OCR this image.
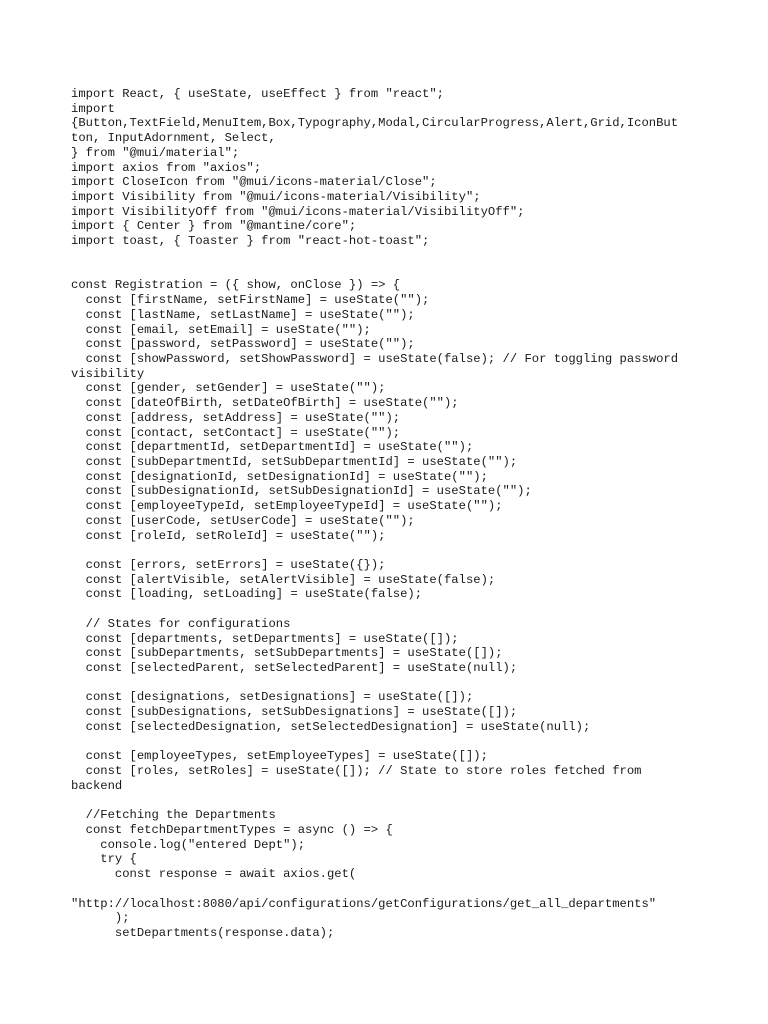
import React, { useState, useEffect } from "react";
import
{Button,TextField,MenuItem,Box,Typography,Modal,CircularProgress,Alert,Grid,IconBut
ton, InputAdornment, Select,
} from "@mui/material";
import axios from "axios";
import CloseIcon from "@mui/icons-material/Close";
import Visibility from "@mui/icons-material/Visibility";
import VisibilityOff from "@mui/icons-material/VisibilityOff";
import { Center } from "@mantine/core";
import toast, { Toaster } from "react-hot-toast";
const Registration = ({ show, onClose }) => {
const [firstName, setFirstName] = useState("");
const [lastName, setLastName] = useState("");
const [email, setEmail] = useState("");
const [password, setPassword] = useState("");
const [showPassword, setShowPassword] = useState(false); // For toggling password
visibility
const [gender, setGender] = useState("");
const [dateOfBirth, setDateOfBirth] = useState("");
const [address, setAddress] = useState("");
const [contact, setContact] = useState("");
const [departmentId, setDepartmentId] = useState("");
const [subDepartmentId, setSubDepartmentId] = useState("");
const [designationId, setDesignationId] = useState("");
const [subDesignationId, setSubDesignationId] = useState("");
const [employeeTypeId, setEmployeeTypeId] = useState("");
const [userCode, setUserCode] = useState("");
const [roleId, setRoleId] = useState("");
const [errors, setErrors] = useState({});
const [alertVisible, setAlertVisible] = useState(false);
const [loading, setLoading] = useState(false);
// States for configurations
const [departments, setDepartments] = useState([]);
const [subDepartments, setSubDepartments] = useState([]);
const [selectedParent, setSelectedParent] = useState(null);
const [designations, setDesignations] = useState([]);
const [subDesignations, setSubDesignations] = useState([]);
const [selectedDesignation, setSelectedDesignation] = useState(null);
const [employeeTypes, setEmployeeTypes] = useState([]);
const [roles, setRoles] = useState([]); // State to store roles fetched from
backend
//Fetching the Departments
const fetchDepartmentTypes = async () => {
console.log("entered Dept");
try {
const response = await axios.get(
"http://localhost:8080/api/configurations/getConfigurations/get_all_departments"
);
setDepartments(response.data);
